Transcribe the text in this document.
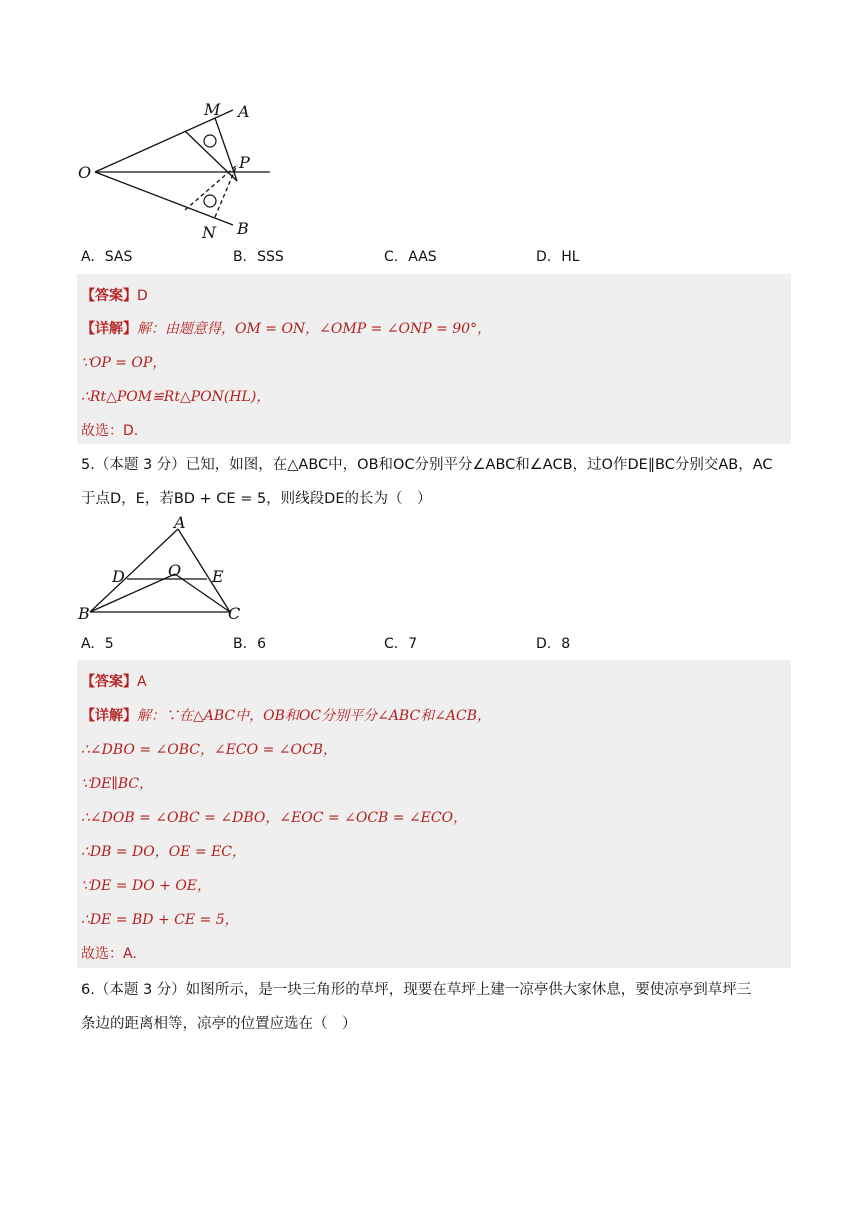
M A
O
P
N B
A. SAS	B. SSS	C. AAS	D. HL
【答案】D
【详解】解：由题意得，OM = ON，∠OMP = ∠ONP = 90°，
∵OP = OP，
∴Rt△POM≌Rt△PON(HL)，
故选：D.
5.（本题 3 分）已知，如图，在△ABC中，OB和OC分别平分∠ABC和∠ACB，过O作DE∥BC分别交AB，AC
于点D，E，若BD + CE = 5，则线段DE的长为（　）
A
D	O E
B	C
A. 5	B. 6	C. 7	D. 8
【答案】A
【详解】解：∵在△ABC中，OB和OC分别平分∠ABC和∠ACB，
∴∠DBO = ∠OBC，∠ECO = ∠OCB，
∵DE∥BC，
∴∠DOB = ∠OBC = ∠DBO，∠EOC = ∠OCB = ∠ECO，
∴DB = DO，OE = EC，
∵DE = DO + OE，
∴DE = BD + CE = 5，
故选：A.
6.（本题 3 分）如图所示，是一块三角形的草坪，现要在草坪上建一凉亭供大家休息，要使凉亭到草坪三
条边的距离相等，凉亭的位置应选在（　）
